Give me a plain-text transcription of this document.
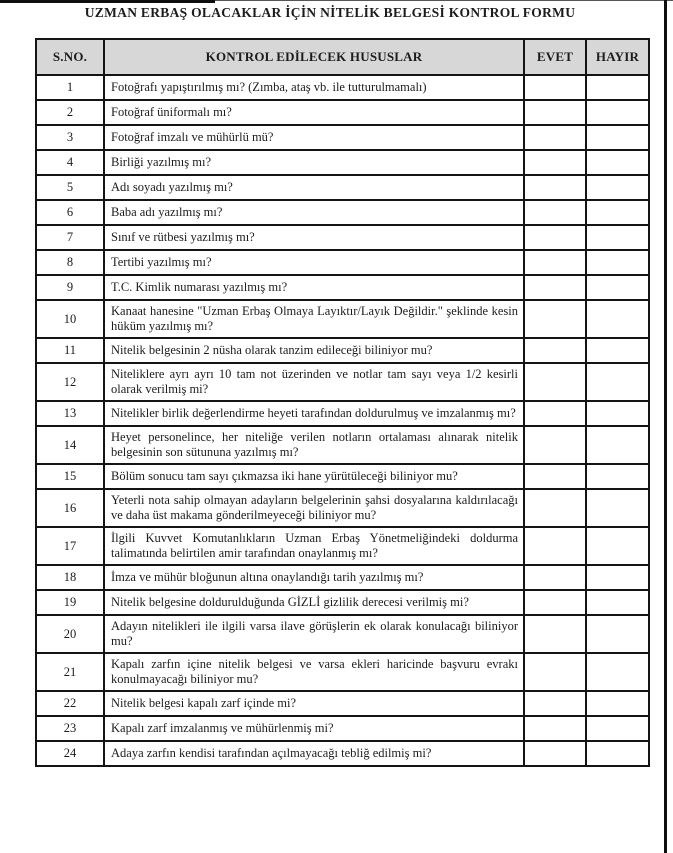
UZMAN ERBAŞ OLACAKLAR İÇİN NİTELİK BELGESİ KONTROL FORMU
S.NO.	KONTROL EDİLECEK HUSUSLAR	EVET	HAYIR
1	Fotoğrafı yapıştırılmış mı? (Zımba, ataş vb. ile tutturulmamalı)		
2	Fotoğraf üniformalı mı?		
3	Fotoğraf imzalı ve mühürlü mü?		
4	Birliği yazılmış mı?		
5	Adı soyadı yazılmış mı?		
6	Baba adı yazılmış mı?		
7	Sınıf ve rütbesi yazılmış mı?		
8	Tertibi yazılmış mı?		
9	T.C. Kimlik numarası yazılmış mı?		
10	Kanaat hanesine "Uzman Erbaş Olmaya Layıktır/Layık Değildir." şeklinde kesin hüküm yazılmış mı?		
11	Nitelik belgesinin 2 nüsha olarak tanzim edileceği biliniyor mu?		
12	Niteliklere ayrı ayrı 10 tam not üzerinden ve notlar tam sayı veya 1/2 kesirli olarak verilmiş mi?		
13	Nitelikler birlik değerlendirme heyeti tarafından doldurulmuş ve imzalanmış mı?		
14	Heyet personelince, her niteliğe verilen notların ortalaması alınarak nitelik belgesinin son sütununa yazılmış mı?		
15	Bölüm sonucu tam sayı çıkmazsa iki hane yürütüleceği biliniyor mu?		
16	Yeterli nota sahip olmayan adayların belgelerinin şahsi dosyalarına kaldırılacağı ve daha üst makama gönderilmeyeceği biliniyor mu?		
17	İlgili Kuvvet Komutanlıkların Uzman Erbaş Yönetmeliğindeki doldurma talimatında belirtilen amir tarafından onaylanmış mı?		
18	İmza ve mühür bloğunun altına onaylandığı tarih yazılmış mı?		
19	Nitelik belgesine doldurulduğunda GİZLİ gizlilik derecesi verilmiş mi?		
20	Adayın nitelikleri ile ilgili varsa ilave görüşlerin ek olarak konulacağı biliniyor mu?		
21	Kapalı zarfın içine nitelik belgesi ve varsa ekleri haricinde başvuru evrakı konulmayacağı biliniyor mu?		
22	Nitelik belgesi kapalı zarf içinde mi?		
23	Kapalı zarf imzalanmış ve mühürlenmiş mi?		
24	Adaya zarfın kendisi tarafından açılmayacağı tebliğ edilmiş mi?		
